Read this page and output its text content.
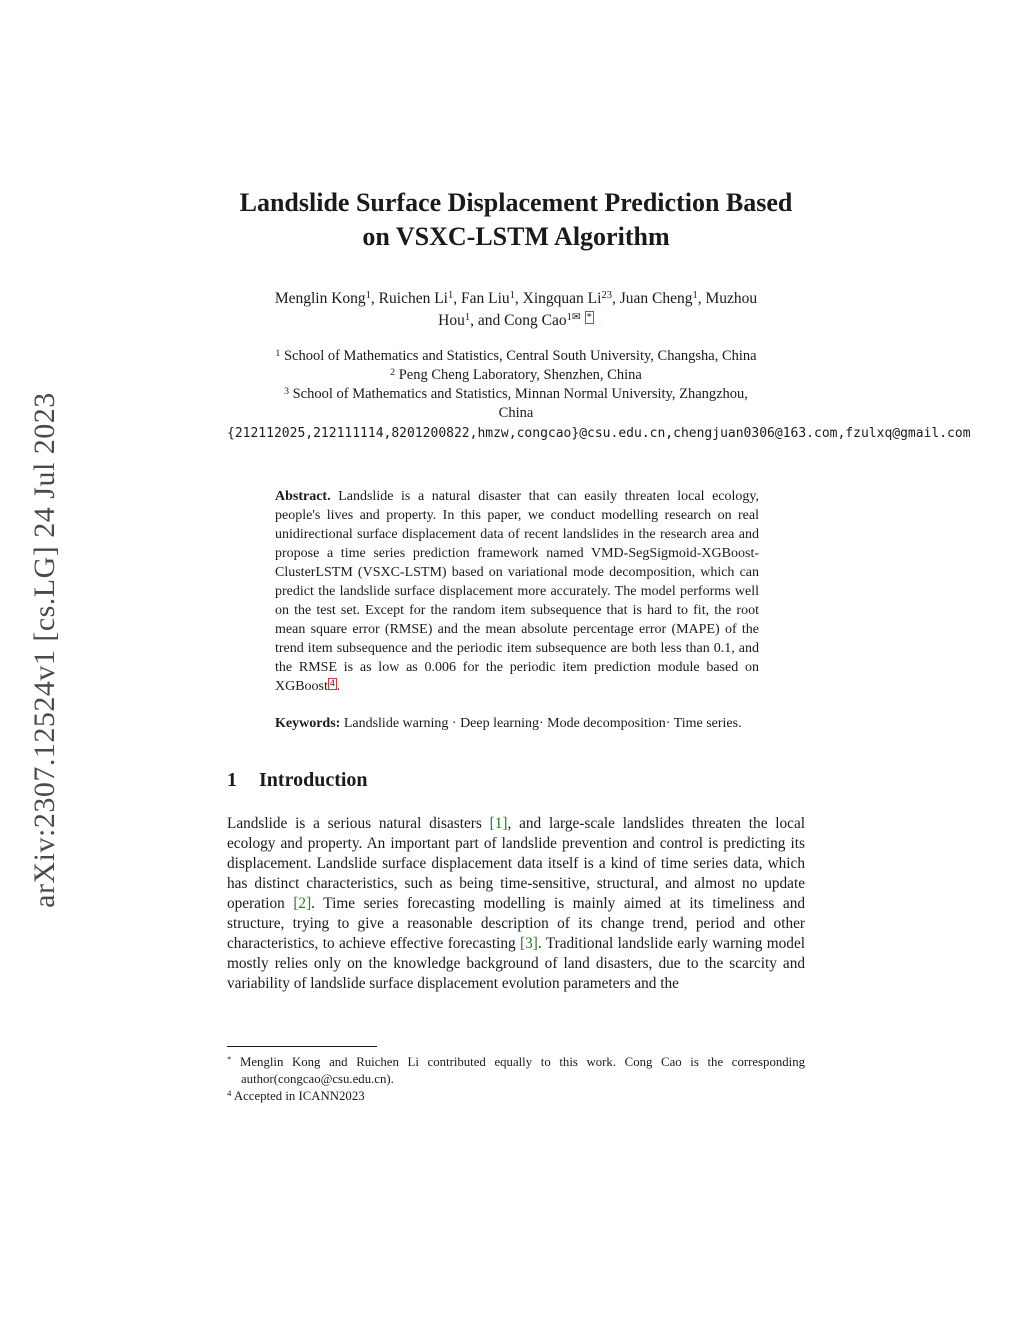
arXiv:2307.12524v1 [cs.LG] 24 Jul 2023
Landslide Surface Displacement Prediction Based
on VSXC-LSTM Algorithm
Menglin Kong$^1$, Ruichen Li$^1$, Fan Liu$^1$, Xingquan Li$^{23}$, Juan Cheng$^1$, Muzhou
Hou$^1$, and Cong Cao$^{1✉}$ *
$^1$ School of Mathematics and Statistics, Central South University, Changsha, China
$^2$ Peng Cheng Laboratory, Shenzhen, China
$^3$ School of Mathematics and Statistics, Minnan Normal University, Zhangzhou,
China
{212112025,212111114,8201200822,hmzw,congcao}@csu.edu.cn,chengjuan0306@163.com,fzulxq@gmail.com
Abstract. Landslide is a natural disaster that can easily threaten local ecology, people's lives and property. In this paper, we conduct modelling research on real unidirectional surface displacement data of recent landslides in the research area and propose a time series prediction framework named VMD-SegSigmoid-XGBoost-ClusterLSTM (VSXC-LSTM) based on variational mode decomposition, which can predict the landslide surface displacement more accurately. The model performs well on the test set. Except for the random item subsequence that is hard to fit, the root mean square error (RMSE) and the mean absolute percentage error (MAPE) of the trend item subsequence and the periodic item subsequence are both less than 0.1, and the RMSE is as low as 0.006 for the periodic item prediction module based on XGBoost $^4$ .
Keywords: Landslide warning · Deep learning· Mode decomposition· Time series.
1 Introduction

Landslide is a serious natural disasters [1], and large-scale landslides threaten the local ecology and property. An important part of landslide prevention and control is predicting its displacement. Landslide surface displacement data itself is a kind of time series data, which has distinct characteristics, such as being time-sensitive, structural, and almost no update operation [2]. Time series forecasting modelling is mainly aimed at its timeliness and structure, trying to give a reasonable description of its change trend, period and other characteristics, to achieve effective forecasting [3]. Traditional landslide early warning model mostly relies only on the knowledge background of land disasters, due to the scarcity and variability of landslide surface displacement evolution parameters and the

* Menglin Kong and Ruichen Li contributed equally to this work. Cong Cao is the corresponding author(congcao@csu.edu.cn).
$^4$ Accepted in ICANN2023
